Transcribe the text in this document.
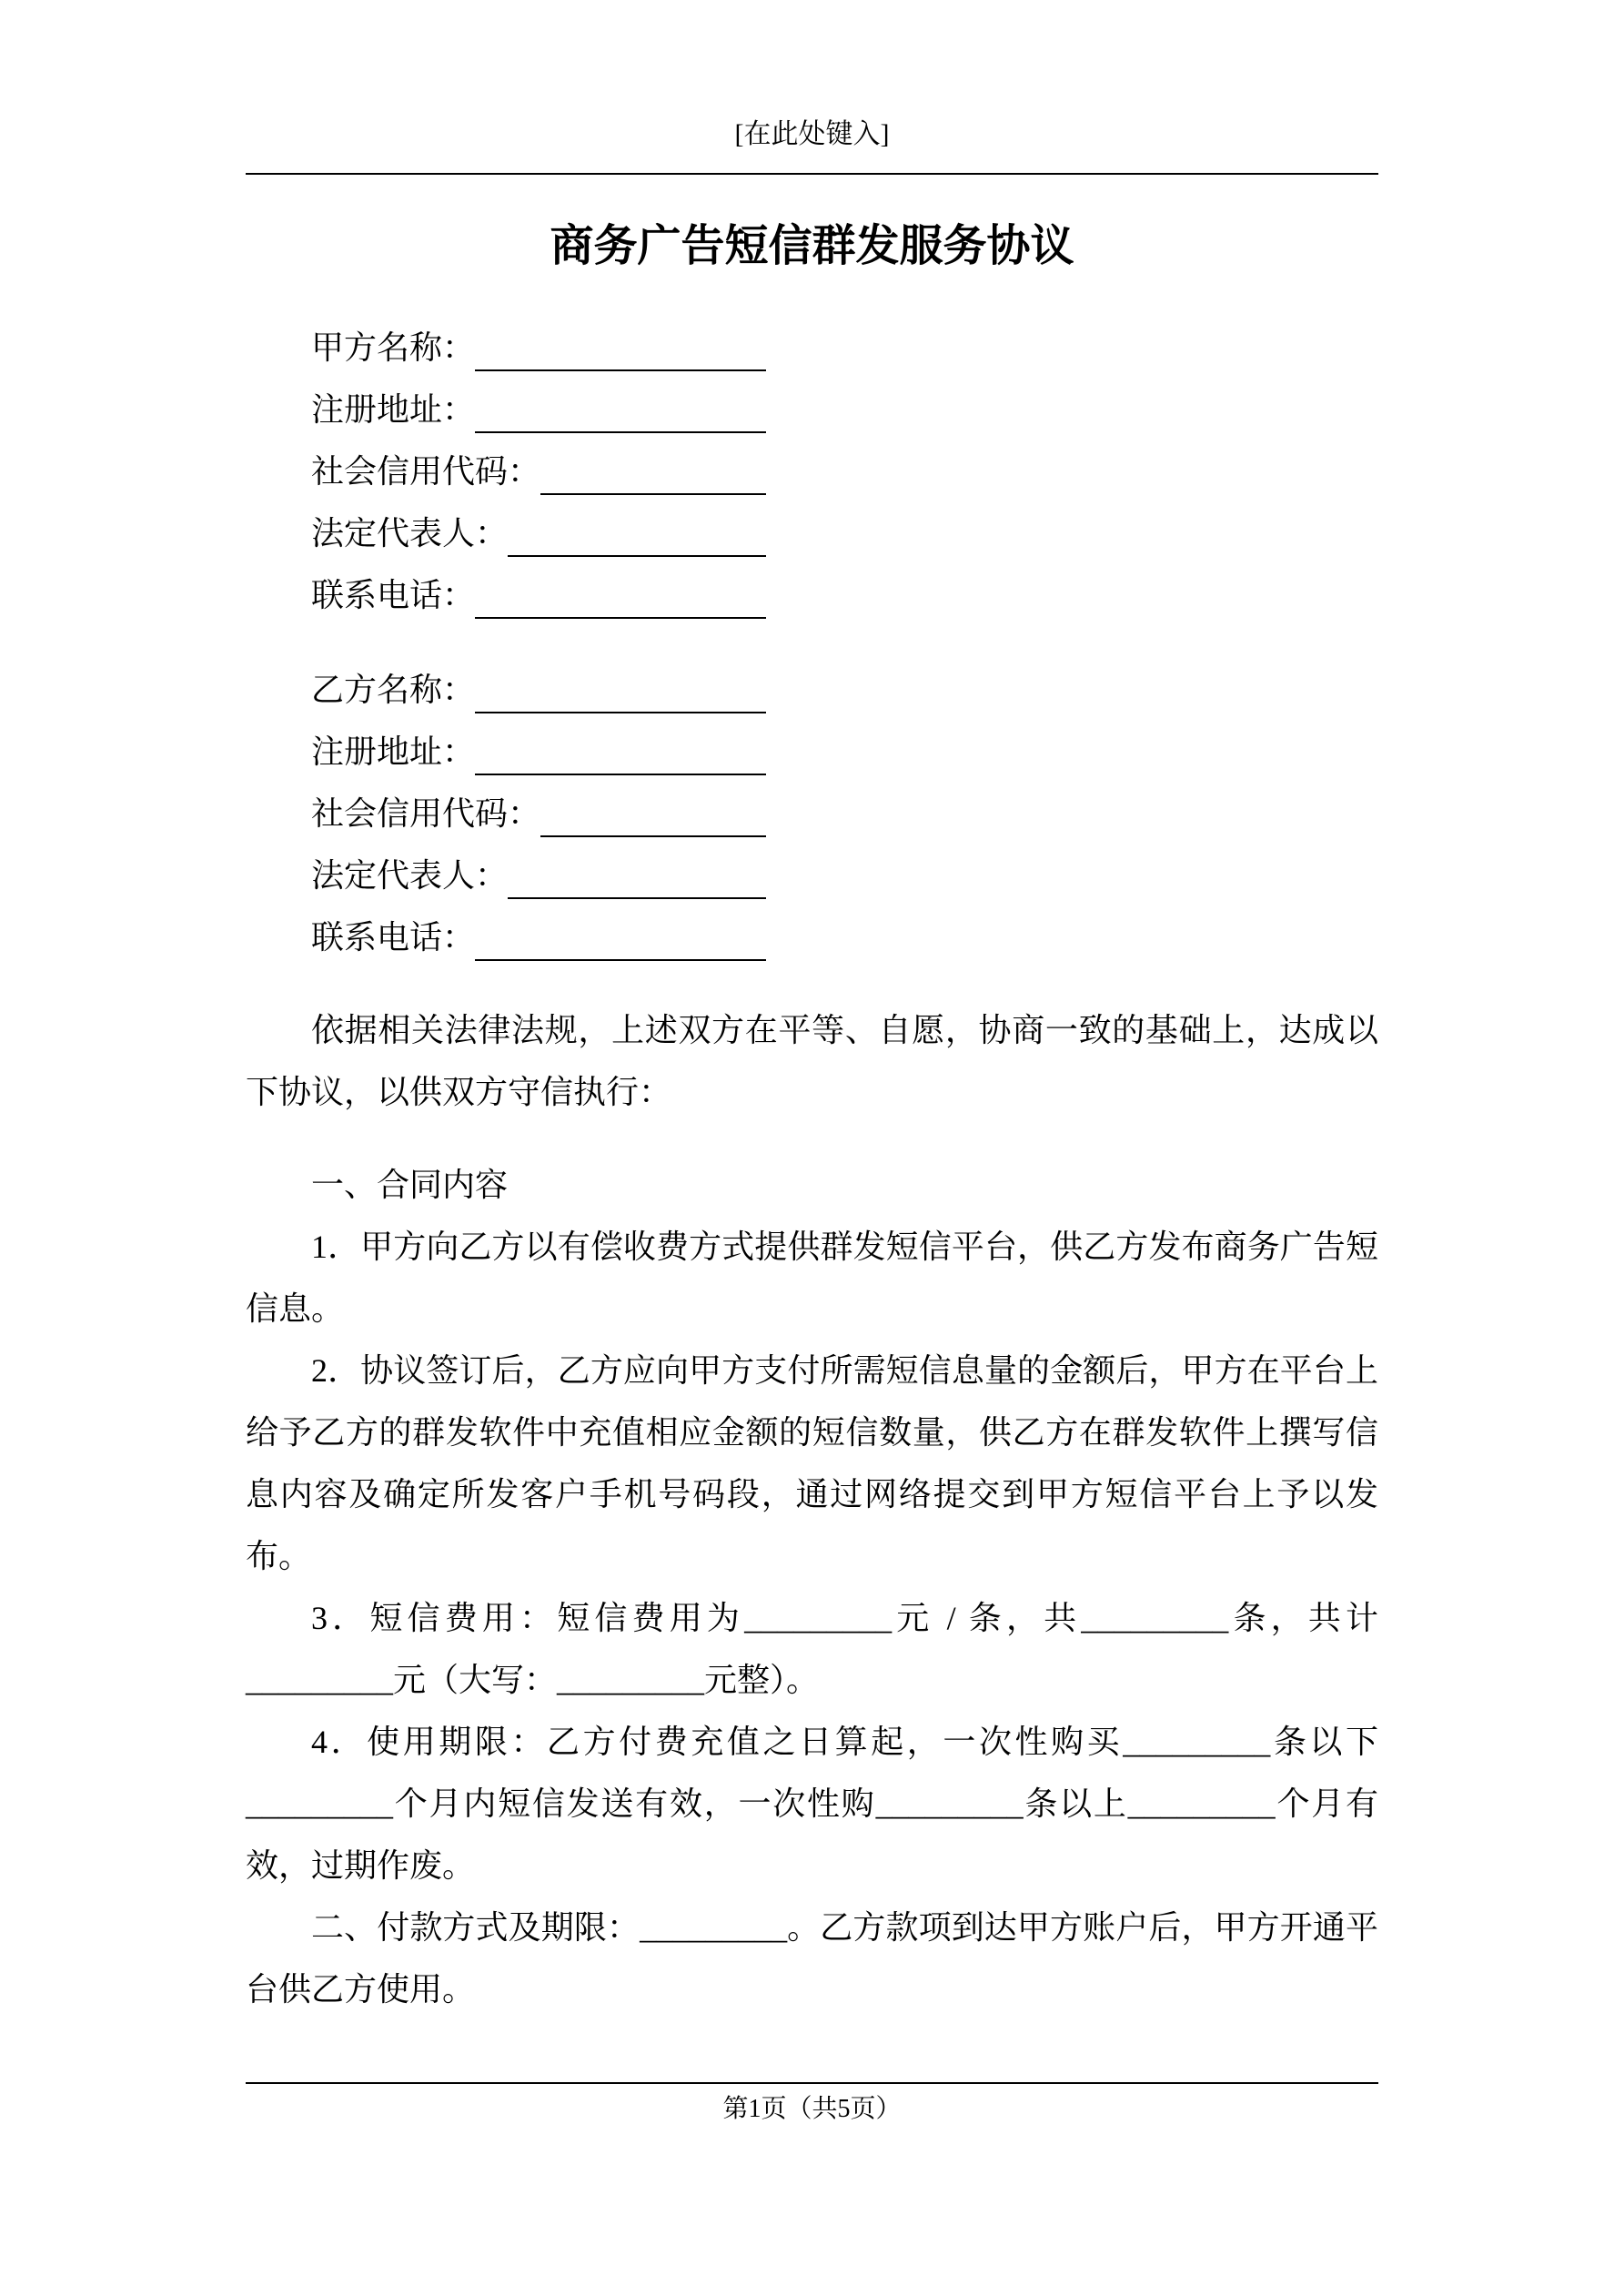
[在此处键入]
商务广告短信群发服务协议
甲方名称：
注册地址：
社会信用代码：
法定代表人：
联系电话：
乙方名称：
注册地址：
社会信用代码：
法定代表人：
联系电话：

依据相关法律法规，上述双方在平等、自愿，协商一致的基础上，达成以下协议，以供双方守信执行：

一、合同内容

1．甲方向乙方以有偿收费方式提供群发短信平台，供乙方发布商务广告短信息。

2．协议签订后，乙方应向甲方支付所需短信息量的金额后，甲方在平台上给予乙方的群发软件中充值相应金额的短信数量，供乙方在群发软件上撰写信息内容及确定所发客户手机号码段，通过网络提交到甲方短信平台上予以发布。

3．短信费用：短信费用为_________元 / 条，共_________条，共计_________元（大写：_________元整）。

4．使用期限：乙方付费充值之日算起，一次性购买_________条以下_________个月内短信发送有效，一次性购_________条以上_________个月有效，过期作废。

二、付款方式及期限：_________。乙方款项到达甲方账户后，甲方开通平台供乙方使用。

第1页（共5页）
